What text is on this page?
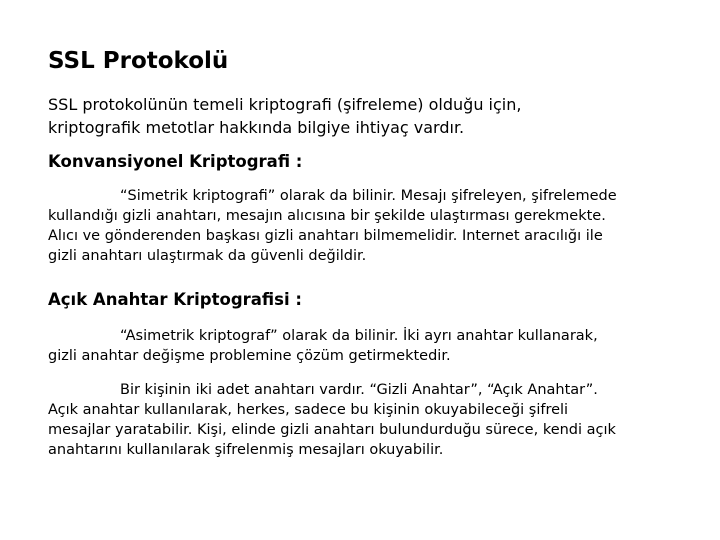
SSL Protokolü
SSL protokolünün temeli kriptografi (şifreleme) olduğu için,
kriptografik metotlar hakkında bilgiye ihtiyaç vardır.
Konvansiyonel Kriptografi :
“Simetrik kriptografi” olarak da bilinir. Mesajı şifreleyen, şifrelemede
kullandığı gizli anahtarı, mesajın alıcısına bir şekilde ulaştırması gerekmekte.
Alıcı ve gönderenden başkası gizli anahtarı bilmemelidir. Internet aracılığı ile
gizli anahtarı ulaştırmak da güvenli değildir.
Açık Anahtar Kriptografisi :
“Asimetrik kriptograf” olarak da bilinir. İki ayrı anahtar kullanarak,
gizli anahtar değişme problemine çözüm getirmektedir.
Bir kişinin iki adet anahtarı vardır. “Gizli Anahtar”, “Açık Anahtar”.
Açık anahtar kullanılarak, herkes, sadece bu kişinin okuyabileceği şifreli
mesajlar yaratabilir. Kişi, elinde gizli anahtarı bulundurduğu sürece, kendi açık
anahtarını kullanılarak şifrelenmiş mesajları okuyabilir.
